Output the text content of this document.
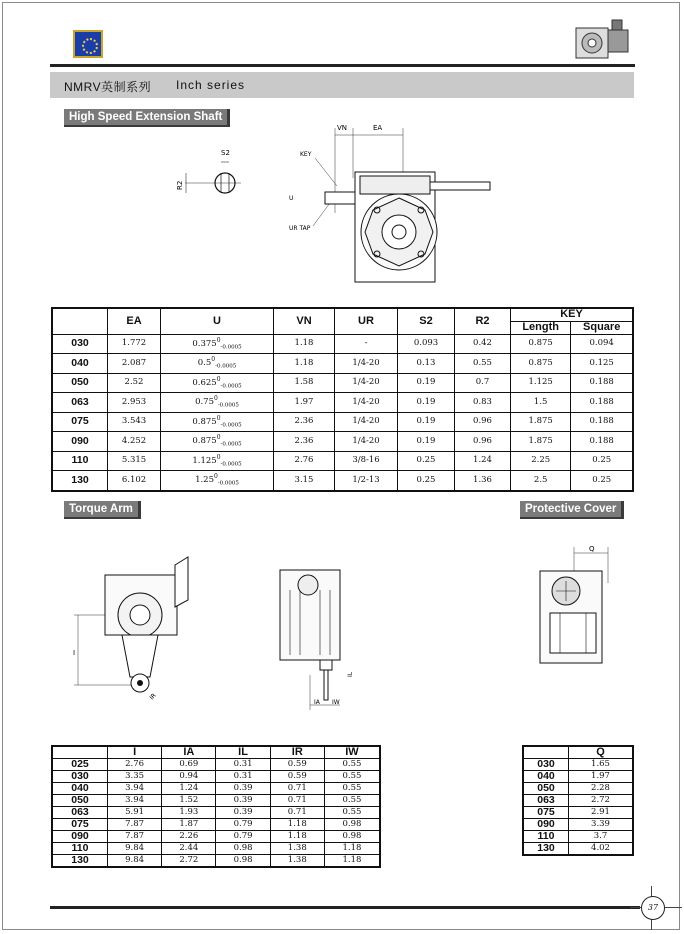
NMRV英制系列 Inch series
High Speed Extension Shaft
S2
R2
VN	EA
KEY
U
UR TAP
	EA	U	VN	UR	S2	R2	KEY	
							Length	Square
030	1.772	$0.375^0_{-0.0005}$	1.18	-	0.093	0.42	0.875	0.094
040	2.087	$0.5^0_{-0.0005}$	1.18	1/4-20	0.13	0.55	0.875	0.125
050	2.52	$0.625^0_{-0.0005}$	1.58	1/4-20	0.19	0.7	1.125	0.188
063	2.953	$0.75^0_{-0.0005}$	1.97	1/4-20	0.19	0.83	1.5	0.188
075	3.543	$0.875^0_{-0.0005}$	2.36	1/4-20	0.19	0.96	1.875	0.188
090	4.252	$0.875^0_{-0.0005}$	2.36	1/4-20	0.19	0.96	1.875	0.188
110	5.315	$1.125^0_{-0.0005}$	2.76	3/8-16	0.25	1.24	2.25	0.25
130	6.102	$1.25^0_{-0.0005}$	3.15	1/2-13	0.25	1.36	2.5	0.25
Torque Arm	Protective Cover
I
IR
IA IW
IL
Q
	I	IA	IL	IR	IW
025	2.76	0.69	0.31	0.59	0.55
030	3.35	0.94	0.31	0.59	0.55
040	3.94	1.24	0.39	0.71	0.55
050	3.94	1.52	0.39	0.71	0.55
063	5.91	1.93	0.39	0.71	0.55
075	7.87	1.87	0.79	1.18	0.98
090	7.87	2.26	0.79	1.18	0.98
110	9.84	2.44	0.98	1.38	1.18
130	9.84	2.72	0.98	1.38	1.18
	Q
030	1.65
040	1.97
050	2.28
063	2.72
075	2.91
090	3.39
110	3.7
130	4.02
37
